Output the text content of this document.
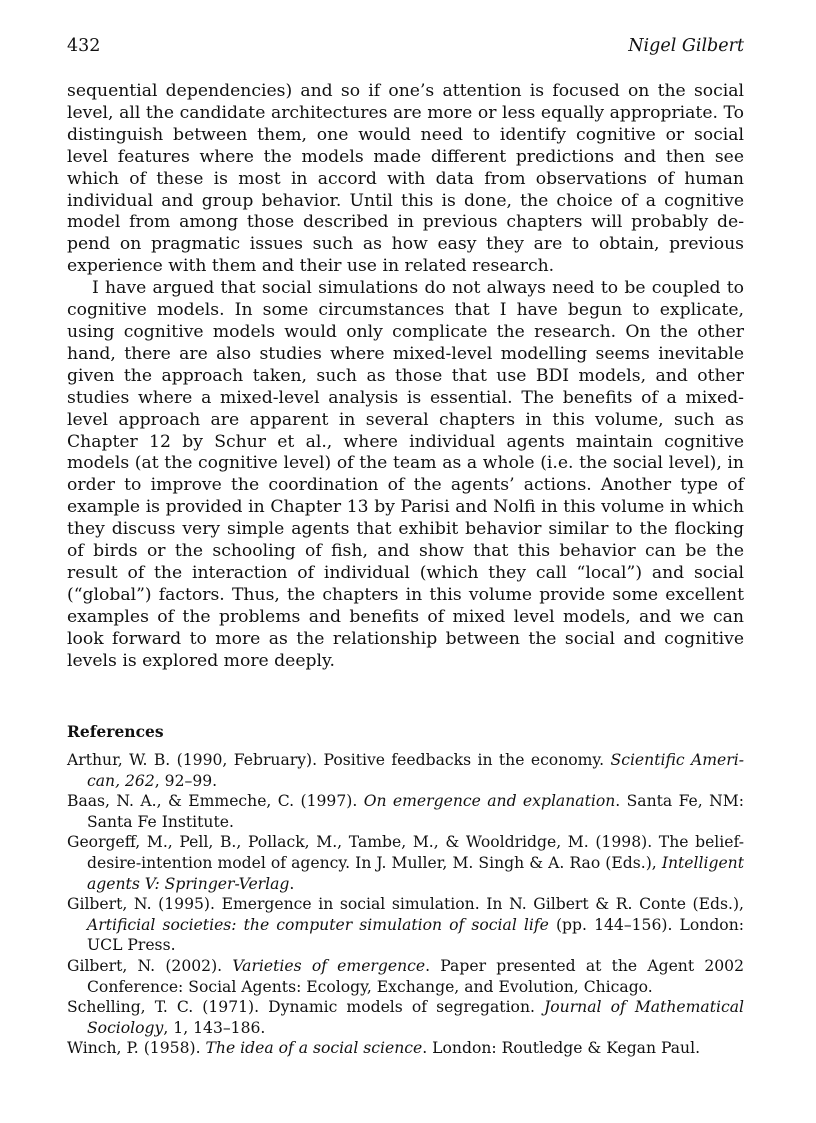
432	Nigel Gilbert

sequential dependencies) and so if one’s attention is focused on the social level, all the candidate architectures are more or less equally appropriate. To distinguish between them, one would need to identify cognitive or social level features where the models made different predictions and then see which of these is most in accord with data from observations of human individual and group behavior. Until this is done, the choice of a cognitive model from among those described in previous chapters will probably depend on pragmatic issues such as how easy they are to obtain, previous experience with them and their use in related research.

I have argued that social simulations do not always need to be coupled to cognitive models. In some circumstances that I have begun to explicate, using cognitive models would only complicate the research. On the other hand, there are also studies where mixed-level modelling seems inevitable given the approach taken, such as those that use BDI models, and other studies where a mixed-level analysis is essential. The benefits of a mixed-level approach are apparent in several chapters in this volume, such as Chapter 12 by Schur et al., where individual agents maintain cognitive models (at the cognitive level) of the team as a whole (i.e. the social level), in order to improve the coordination of the agents’ actions. Another type of example is provided in Chapter 13 by Parisi and Nolfi in this volume in which they discuss very simple agents that exhibit behavior similar to the flocking of birds or the schooling of fish, and show that this behavior can be the result of the interaction of individual (which they call “local”) and social (“global”) factors. Thus, the chapters in this volume provide some excellent examples of the problems and benefits of mixed level models, and we can look forward to more as the relationship between the social and cognitive levels is explored more deeply.

References

Arthur, W. B. (1990, February). Positive feedbacks in the economy. Scientific American, 262, 92–99.

Baas, N. A., & Emmeche, C. (1997). On emergence and explanation. Santa Fe, NM: Santa Fe Institute.

Georgeff, M., Pell, B., Pollack, M., Tambe, M., & Wooldridge, M. (1998). The belief-desire-intention model of agency. In J. Muller, M. Singh & A. Rao (Eds.), Intelligent agents V: Springer-Verlag.

Gilbert, N. (1995). Emergence in social simulation. In N. Gilbert & R. Conte (Eds.), Artificial societies: the computer simulation of social life (pp. 144–156). London: UCL Press.

Gilbert, N. (2002). Varieties of emergence. Paper presented at the Agent 2002 Conference: Social Agents: Ecology, Exchange, and Evolution, Chicago.

Schelling, T. C. (1971). Dynamic models of segregation. Journal of Mathematical Sociology, 1, 143–186.

Winch, P. (1958). The idea of a social science. London: Routledge & Kegan Paul.
